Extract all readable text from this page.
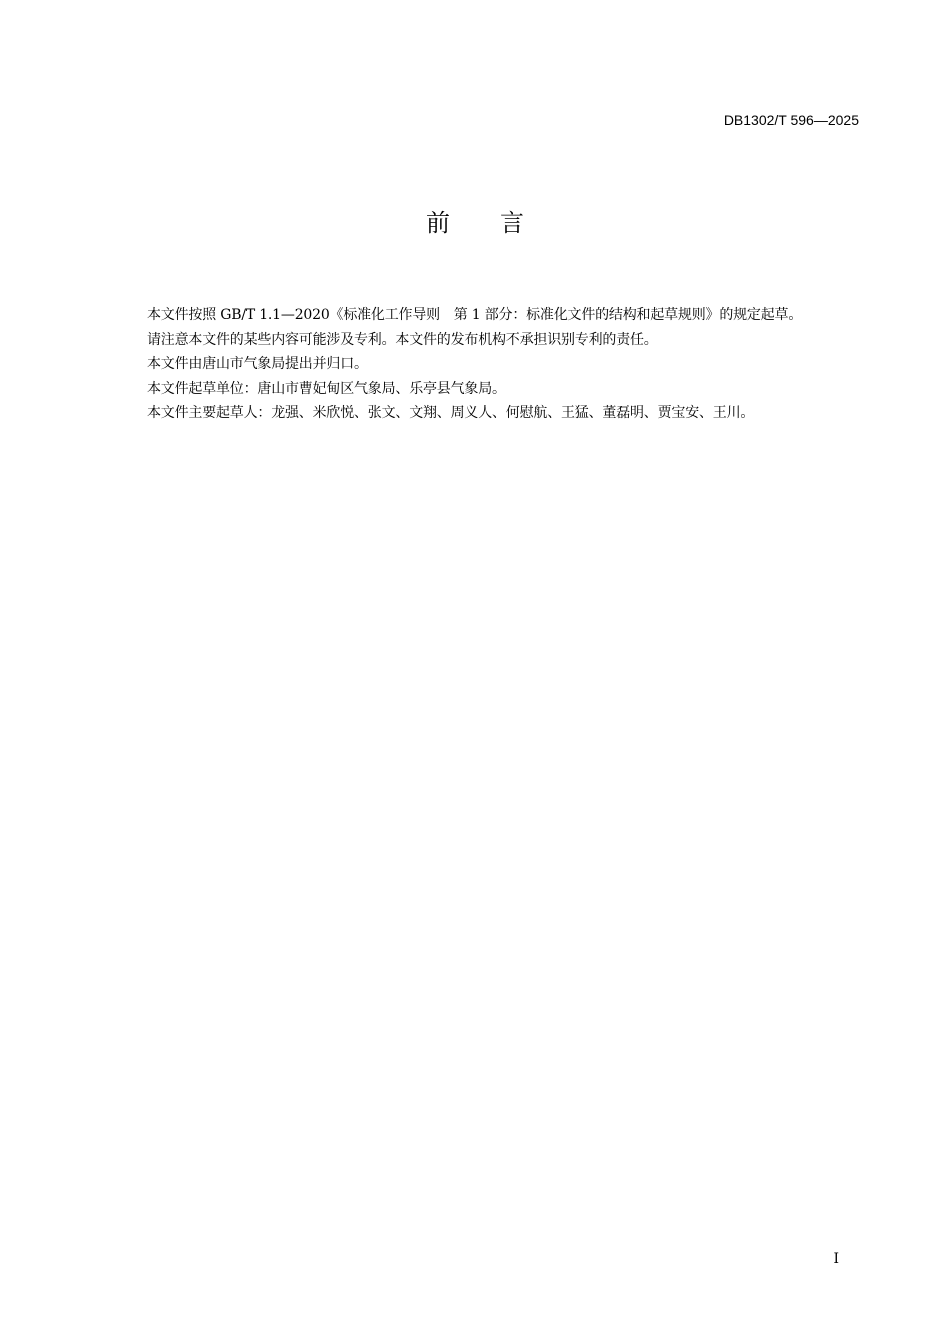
DB1302/T 596—2025
前 言

本文件按照 GB/T 1.1—2020《标准化工作导则　第 1 部分：标准化文件的结构和起草规则》的规定起草。

请注意本文件的某些内容可能涉及专利。本文件的发布机构不承担识别专利的责任。

本文件由唐山市气象局提出并归口。

本文件起草单位：唐山市曹妃甸区气象局、乐亭县气象局。

本文件主要起草人：龙强、米欣悦、张文、文翔、周义人、何慰航、王猛、董磊明、贾宝安、王川。

I
